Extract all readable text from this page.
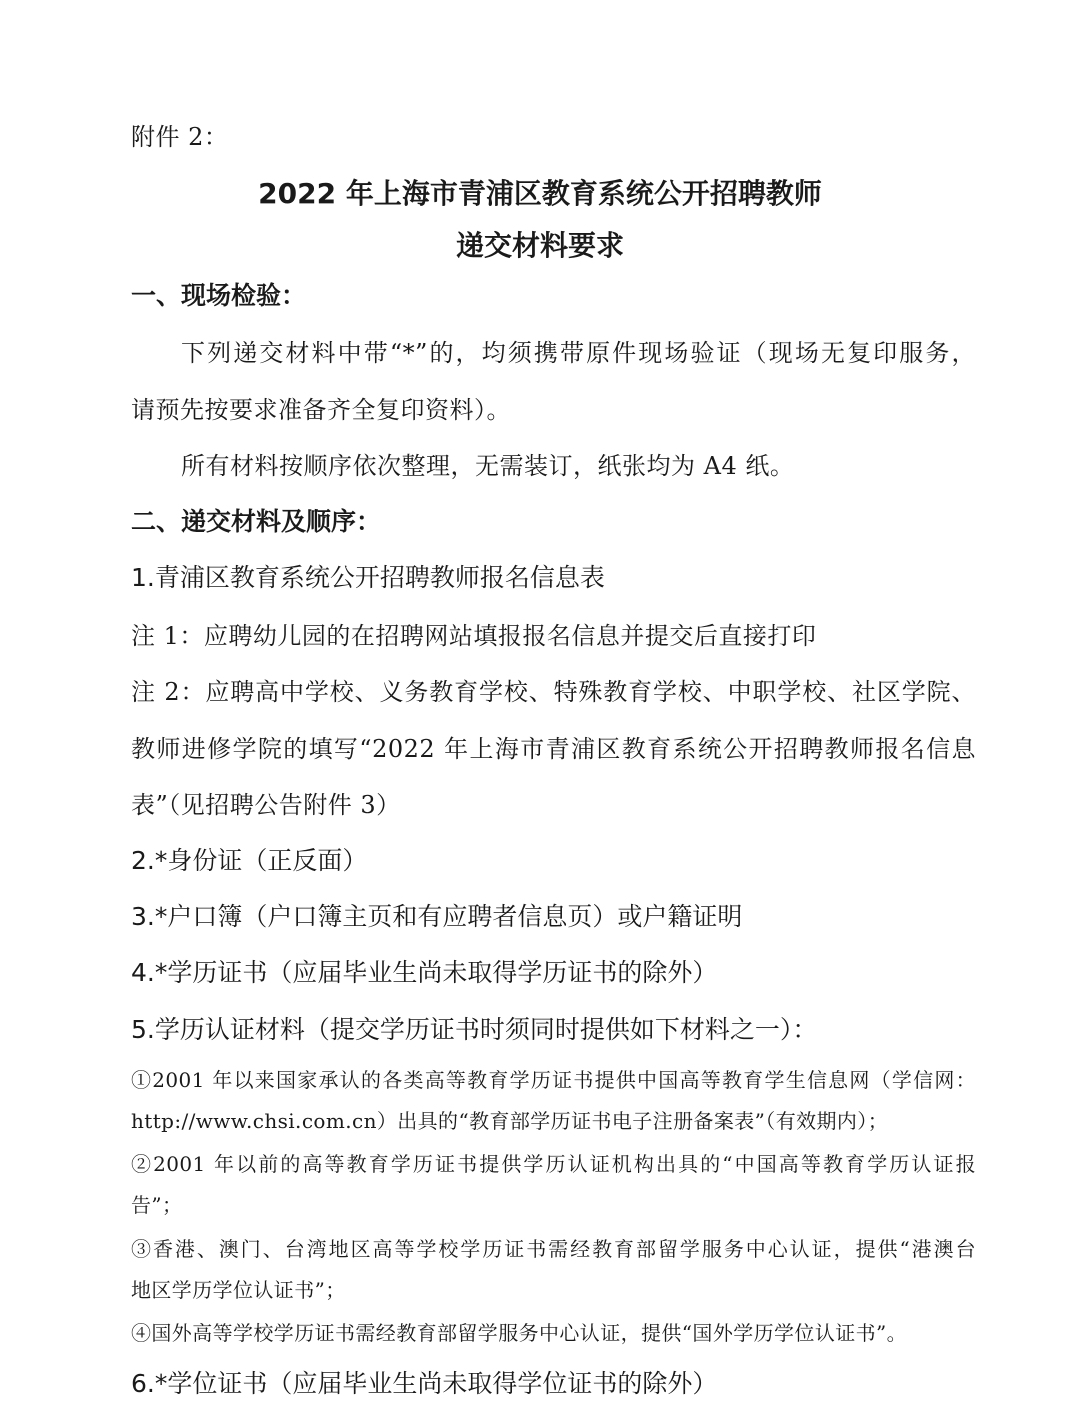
附件 2：

2022 年上海市青浦区教育系统公开招聘教师

递交材料要求

一、现场检验：

下列递交材料中带“*”的，均须携带原件现场验证（现场无复印服务，

请预先按要求准备齐全复印资料）。

所有材料按顺序依次整理，无需装订，纸张均为 A4 纸。

二、递交材料及顺序：

1.青浦区教育系统公开招聘教师报名信息表

注 1：应聘幼儿园的在招聘网站填报报名信息并提交后直接打印

注 2：应聘高中学校、义务教育学校、特殊教育学校、中职学校、社区学院、

教师进修学院的填写“2022 年上海市青浦区教育系统公开招聘教师报名信息

表”（见招聘公告附件 3）

2.*身份证（正反面）

3.*户口簿（户口簿主页和有应聘者信息页）或户籍证明

4.*学历证书（应届毕业生尚未取得学历证书的除外）

5.学历认证材料（提交学历证书时须同时提供如下材料之一）：

①2001 年以来国家承认的各类高等教育学历证书提供中国高等教育学生信息网（学信网：

http://www.chsi.com.cn）出具的“教育部学历证书电子注册备案表”（有效期内）；

②2001 年以前的高等教育学历证书提供学历认证机构出具的“中国高等教育学历认证报

告”；

③香港、澳门、台湾地区高等学校学历证书需经教育部留学服务中心认证，提供“港澳台

地区学历学位认证书”；

④国外高等学校学历证书需经教育部留学服务中心认证，提供“国外学历学位认证书”。

6.*学位证书（应届毕业生尚未取得学位证书的除外）
